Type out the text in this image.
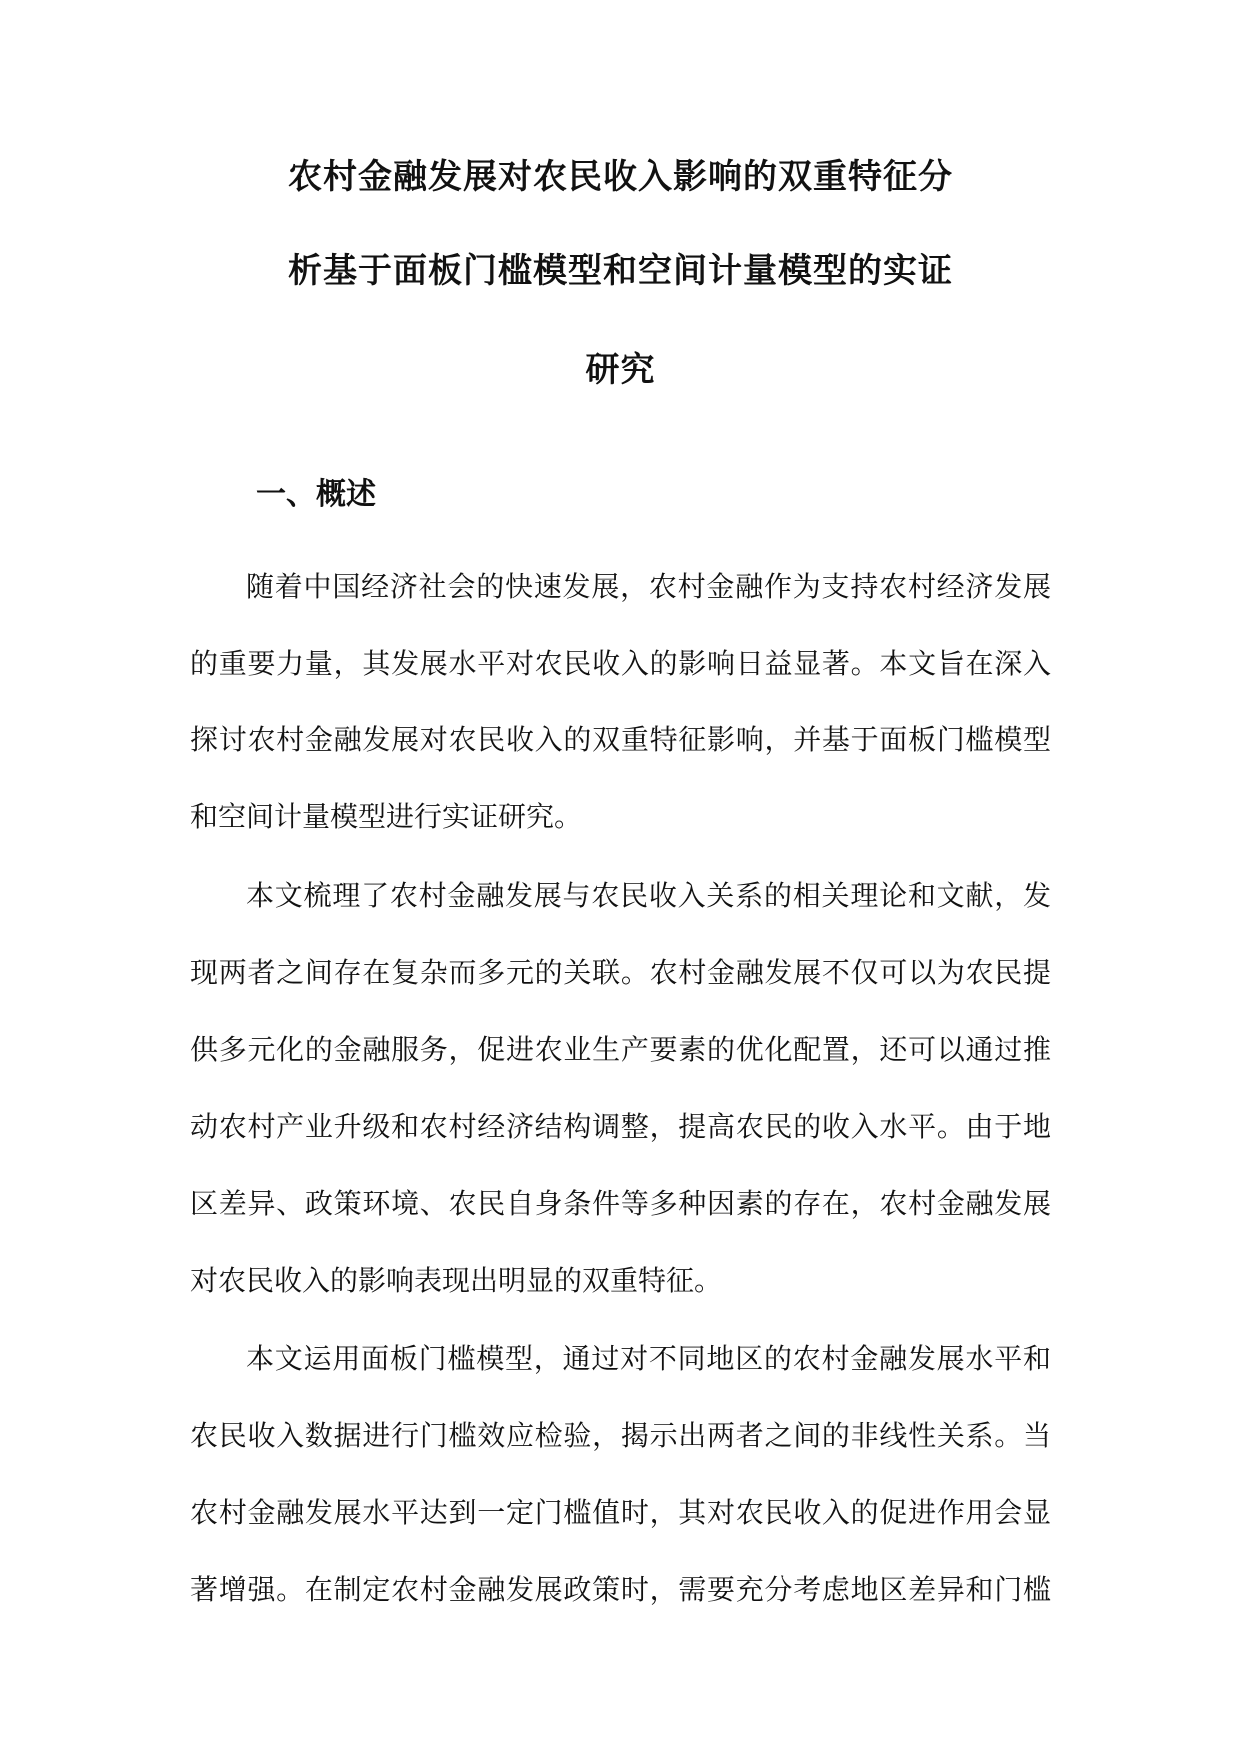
农村金融发展对农民收入影响的双重特征分
析基于面板门槛模型和空间计量模型的实证
研究
一、概述
随着中国经济社会的快速发展，农村金融作为支持农村经济发展
的重要力量，其发展水平对农民收入的影响日益显著。本文旨在深入
探讨农村金融发展对农民收入的双重特征影响，并基于面板门槛模型
和空间计量模型进行实证研究。
本文梳理了农村金融发展与农民收入关系的相关理论和文献，发
现两者之间存在复杂而多元的关联。农村金融发展不仅可以为农民提
供多元化的金融服务，促进农业生产要素的优化配置，还可以通过推
动农村产业升级和农村经济结构调整，提高农民的收入水平。由于地
区差异、政策环境、农民自身条件等多种因素的存在，农村金融发展
对农民收入的影响表现出明显的双重特征。
本文运用面板门槛模型，通过对不同地区的农村金融发展水平和
农民收入数据进行门槛效应检验，揭示出两者之间的非线性关系。当
农村金融发展水平达到一定门槛值时，其对农民收入的促进作用会显
著增强。在制定农村金融发展政策时，需要充分考虑地区差异和门槛
